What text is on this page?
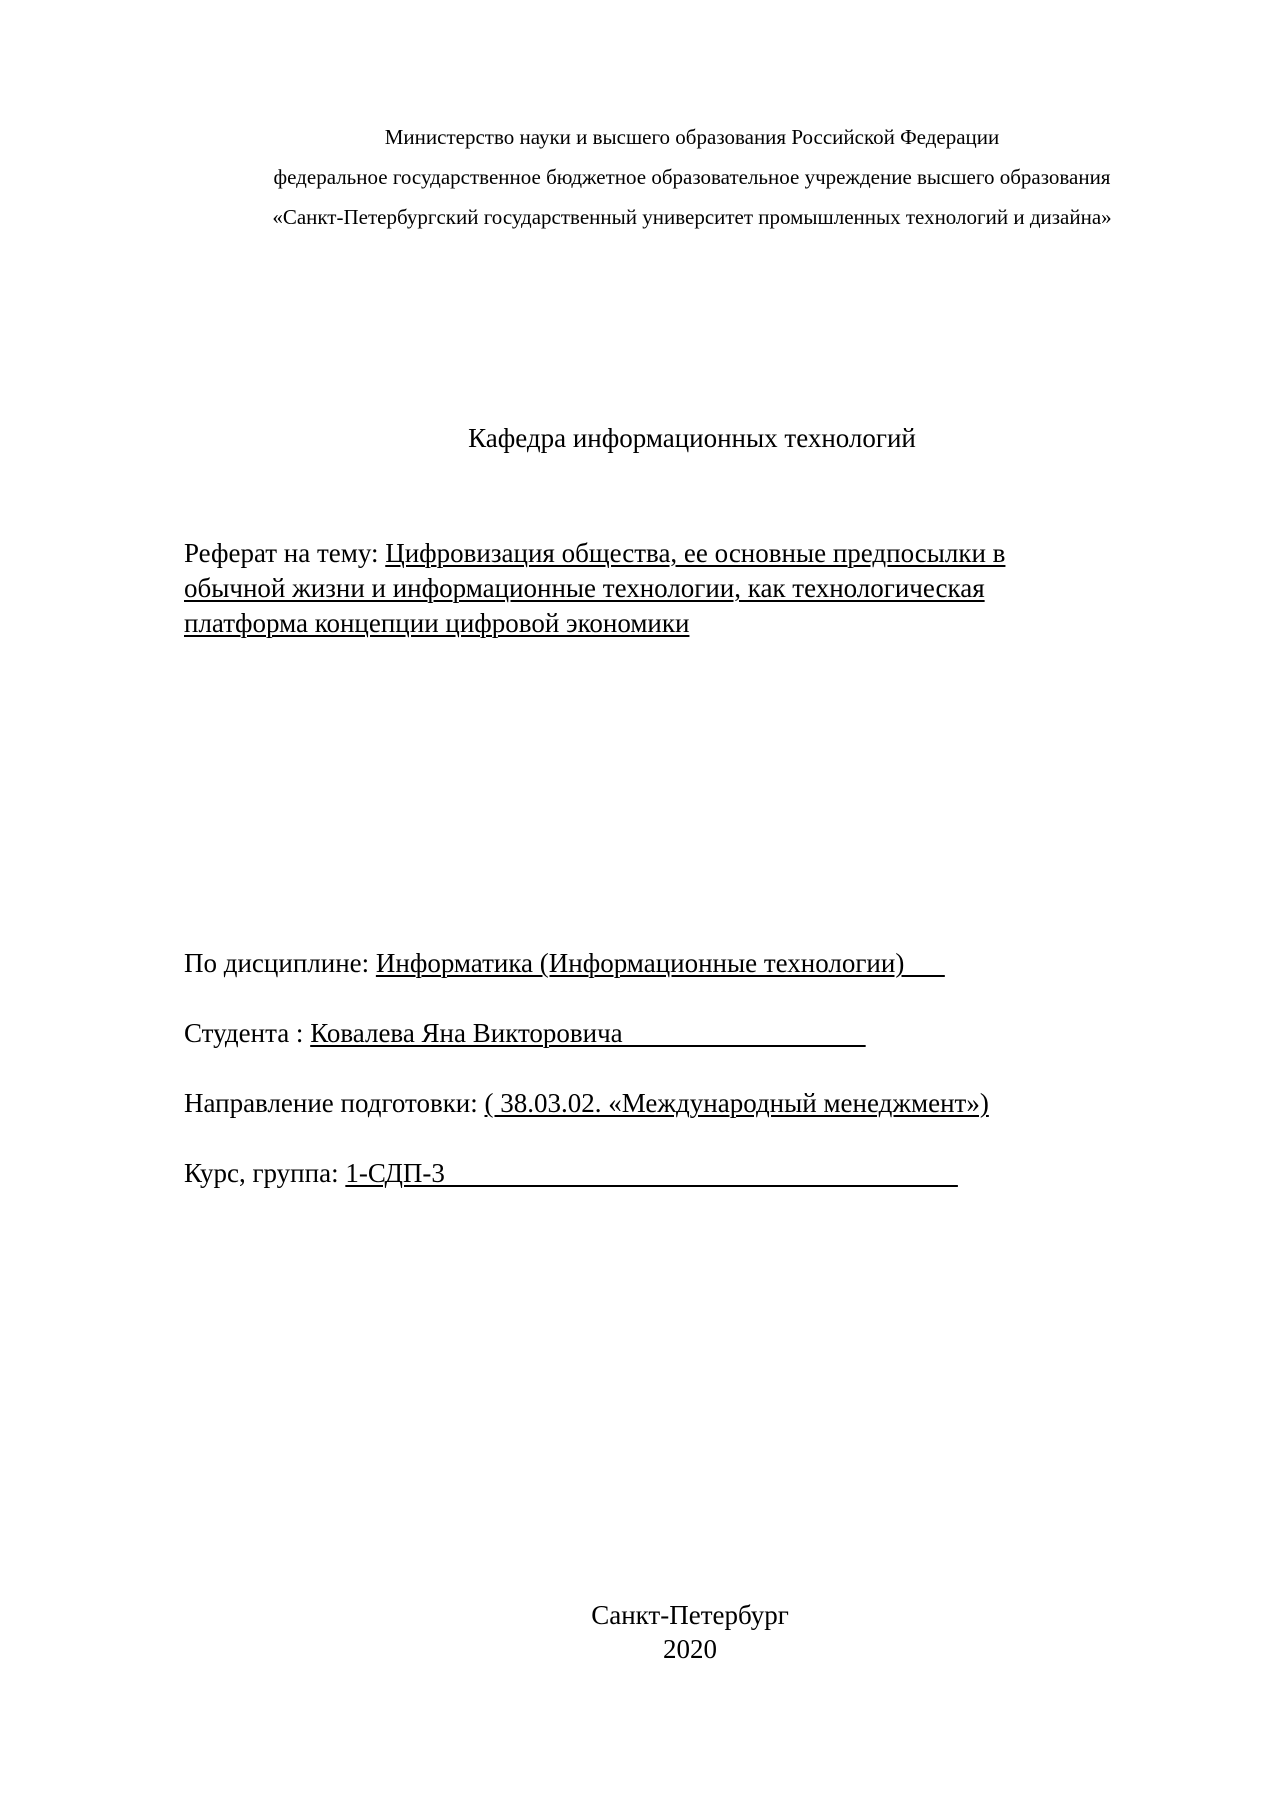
Министерство науки и высшего образования Российской Федерации
федеральное государственное бюджетное образовательное учреждение высшего образования
«Санкт-Петербургский государственный университет промышленных технологий и дизайна»
Кафедра информационных технологий
Реферат на тему: Цифровизация общества, ее основные предпосылки в
обычной жизни и информационные технологии, как технологическая
платформа концепции цифровой экономики
По дисциплине: Информатика (Информационные технологии)
Студента : Ковалева Яна Викторовича
Направление подготовки: ( 38.03.02. «Международный менеджмент»)
Курс, группа: 1-СДП-3
Санкт-Петербург
2020
